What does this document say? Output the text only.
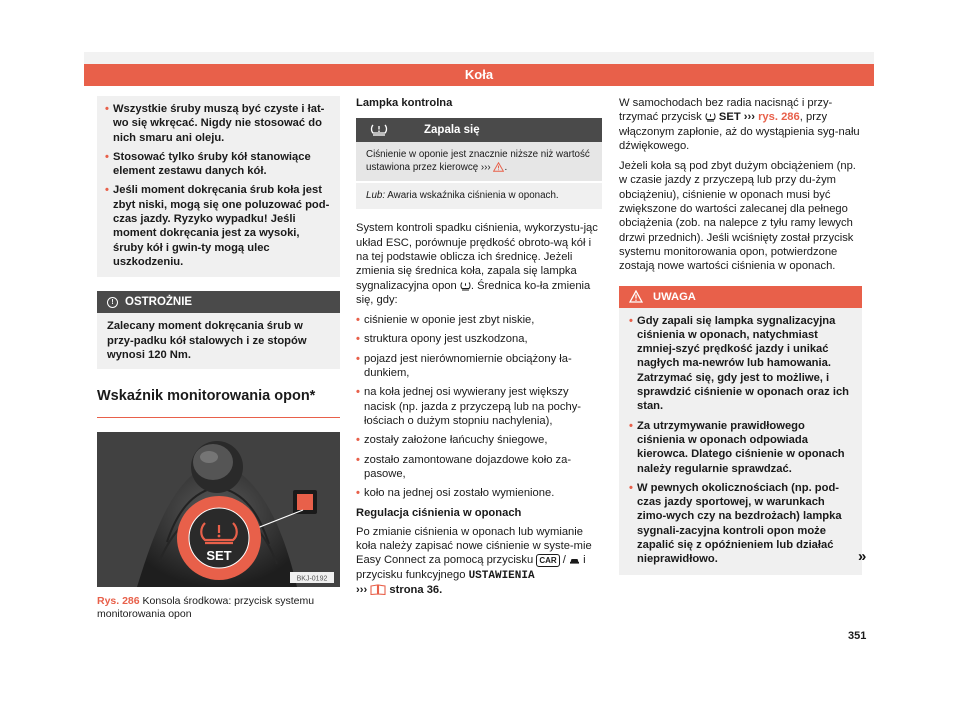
Koła
• Wszystkie śruby muszą być czyste i łat-wo się wkręcać. Nigdy nie stosować do nich smaru ani oleju.
• Stosować tylko śruby kół stanowiące element zestawu danych kół.
• Jeśli moment dokręcania śrub koła jest zbyt niski, mogą się one poluzować pod-czas jazdy. Ryzyko wypadku! Jeśli moment dokręcania jest za wysoki, śruby kół i gwin-ty mogą ulec uszkodzeniu.
! OSTROŻNIE
Zalecany moment dokręcania śrub w przy-padku kół stalowych i ze stopów wynosi 120 Nm.
Wskaźnik monitorowania opon*
SET
BKJ-0192
Rys. 286 Konsola środkowa: przycisk systemu monitorowania opon
Lampka kontrolna
Zapala się
Ciśnienie w oponie jest znacznie niższe niż wartość ustawiona przez kierowcę ››› .
Lub: Awaria wskaźnika ciśnienia w oponach.
System kontroli spadku ciśnienia, wykorzystu-jąc układ ESC, porównuje prędkość obroto-wą kół i na tej podstawie oblicza ich średnicę. Jeżeli zmienia się średnica koła, zapala się lampka sygnalizacyjna opon . Średnica ko-ła zmienia się, gdy:
• ciśnienie w oponie jest zbyt niskie,
• struktura opony jest uszkodzona,
• pojazd jest nierównomiernie obciążony ła-dunkiem,
• na koła jednej osi wywierany jest większy nacisk (np. jazda z przyczepą lub na pochy-łościach o dużym stopniu nachylenia),
• zostały założone łańcuchy śniegowe,
• zostało zamontowane dojazdowe koło za-pasowe,
• koło na jednej osi zostało wymienione.
Regulacja ciśnienia w oponach
Po zmianie ciśnienia w oponach lub wymianie koła należy zapisać nowe ciśnienie w syste-mie Easy Connect za pomocą przycisku CAR /  i przycisku funkcyjnego USTAWIENIA
››› strona 36.
W samochodach bez radia nacisnąć i przy-trzymać przycisk SET ››› rys. 286, przy włączonym zapłonie, aż do wystąpienia syg-nału dźwiękowego.
Jeżeli koła są pod zbyt dużym obciążeniem (np. w czasie jazdy z przyczepą lub przy du-żym obciążeniu), ciśnienie w oponach musi być zwiększone do wartości zalecanej dla pełnego obciążenia (zob. na nalepce z tyłu ramy lewych drzwi przednich). Jeśli wciśnięty został przycisk systemu monitorowania opon, potwierdzone zostają nowe wartości ciśnienia w oponach.
UWAGA
• Gdy zapali się lampka sygnalizacyjna ciśnienia w oponach, natychmiast zmniej-szyć prędkość jazdy i unikać nagłych ma-newrów lub hamowania. Zatrzymać się, gdy jest to możliwe, i sprawdzić ciśnienie w oponach oraz ich stan.
• Za utrzymywanie prawidłowego ciśnienia w oponach odpowiada kierowca. Dlatego ciśnienie w oponach należy regularnie sprawdzać.
• W pewnych okolicznościach (np. pod-czas jazdy sportowej, w warunkach zimo-wych czy na bezdrożach) lampka sygnali-zacyjna kontroli opon może zapalić się z opóźnieniem lub działać nieprawidłowo.	»
351
